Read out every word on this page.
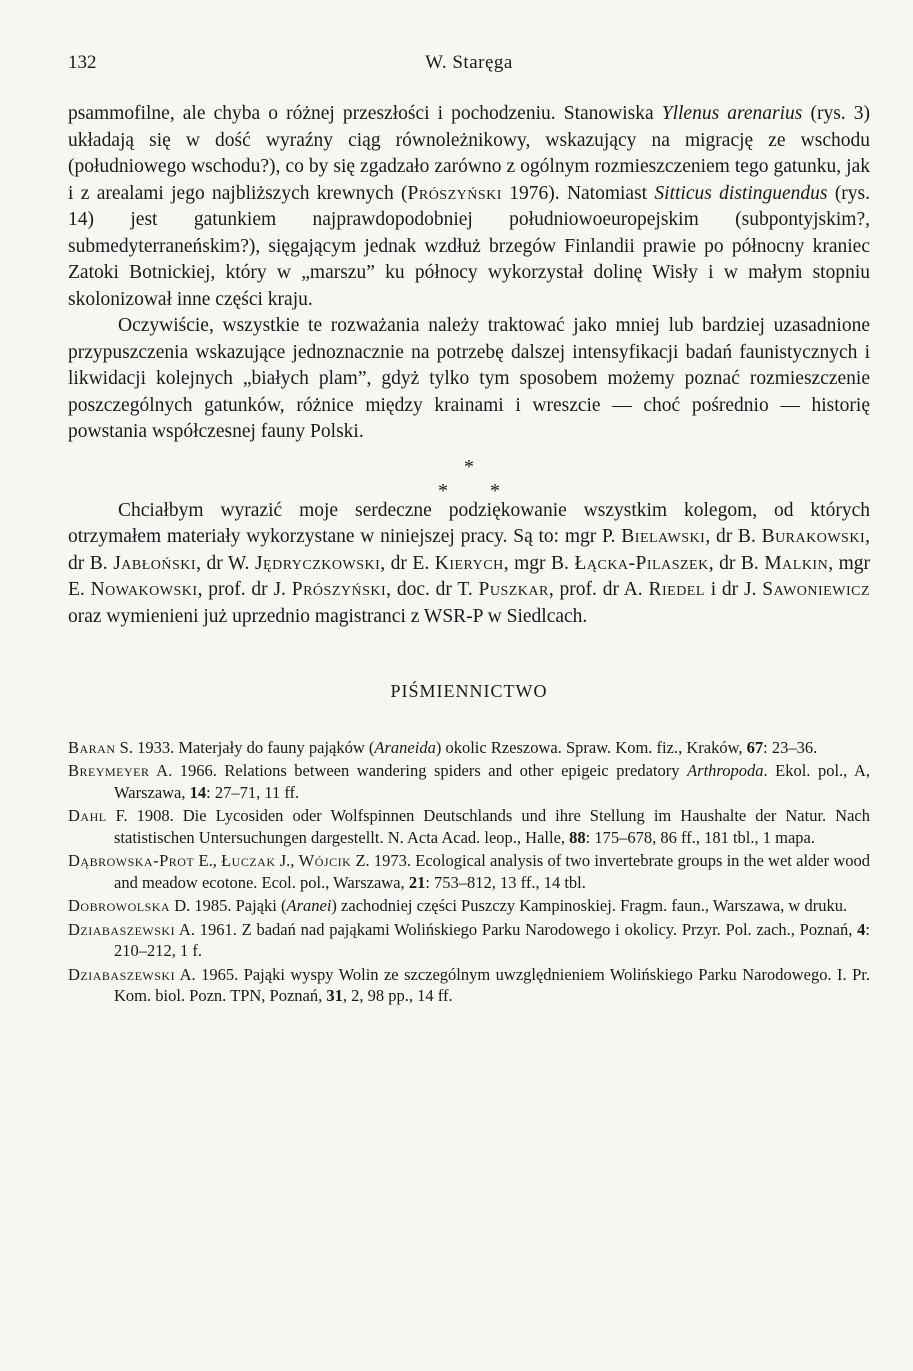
132	W. Staręga

psammofilne, ale chyba o różnej przeszłości i pochodzeniu. Stanowiska Yllenus arenarius (rys. 3) układają się w dość wyraźny ciąg równoleżnikowy, wskazujący na migrację ze wschodu (południowego wschodu?), co by się zgadzało zarówno z ogólnym rozmieszczeniem tego gatunku, jak i z arealami jego najbliższych krewnych (Prószyński 1976). Natomiast Sitticus distinguendus (rys. 14) jest gatunkiem najprawdopodobniej południowoeuropejskim (subpontyjskim?, submedyterraneńskim?), sięgającym jednak wzdłuż brzegów Finlandii prawie po północny kraniec Zatoki Botnickiej, który w „marszu” ku północy wykorzystał dolinę Wisły i w małym stopniu skolonizował inne części kraju.

Oczywiście, wszystkie te rozważania należy traktować jako mniej lub bardziej uzasadnione przypuszczenia wskazujące jednoznacznie na potrzebę dalszej intensyfikacji badań faunistycznych i likwidacji kolejnych „białych plam”, gdyż tylko tym sposobem możemy poznać rozmieszczenie poszczególnych gatunków, różnice między krainami i wreszcie — choć pośrednio — historię powstania współczesnej fauny Polski.

*
* *

Chciałbym wyrazić moje serdeczne podziękowanie wszystkim kolegom, od których otrzymałem materiały wykorzystane w niniejszej pracy. Są to: mgr P. Bielawski, dr B. Burakowski, dr B. Jabłoński, dr W. Jędryczkowski, dr E. Kierych, mgr B. Łącka-Pilaszek, dr B. Malkin, mgr E. Nowakowski, prof. dr J. Prószyński, doc. dr T. Puszkar, prof. dr A. Riedel i dr J. Sawoniewicz oraz wymienieni już uprzednio magistranci z WSR-P w Siedlcach.

PIŚMIENNICTWO
Baran S. 1933. Materjały do fauny pająków (Araneida) okolic Rzeszowa. Spraw. Kom. fiz., Kraków, 67: 23–36.
Breymeyer A. 1966. Relations between wandering spiders and other epigeic predatory Arthropoda. Ekol. pol., A, Warszawa, 14: 27–71, 11 ff.
Dahl F. 1908. Die Lycosiden oder Wolfspinnen Deutschlands und ihre Stellung im Haushalte der Natur. Nach statistischen Untersuchungen dargestellt. N. Acta Acad. leop., Halle, 88: 175–678, 86 ff., 181 tbl., 1 mapa.
Dąbrowska-Prot E., Łuczak J., Wójcik Z. 1973. Ecological analysis of two invertebrate groups in the wet alder wood and meadow ecotone. Ecol. pol., Warszawa, 21: 753–812, 13 ff., 14 tbl.
Dobrowolska D. 1985. Pająki (Aranei) zachodniej części Puszczy Kampinoskiej. Fragm. faun., Warszawa, w druku.
Dziabaszewski A. 1961. Z badań nad pająkami Wolińskiego Parku Narodowego i okolicy. Przyr. Pol. zach., Poznań, 4: 210–212, 1 f.
Dziabaszewski A. 1965. Pająki wyspy Wolin ze szczególnym uwzględnieniem Wolińskiego Parku Narodowego. I. Pr. Kom. biol. Pozn. TPN, Poznań, 31, 2, 98 pp., 14 ff.
